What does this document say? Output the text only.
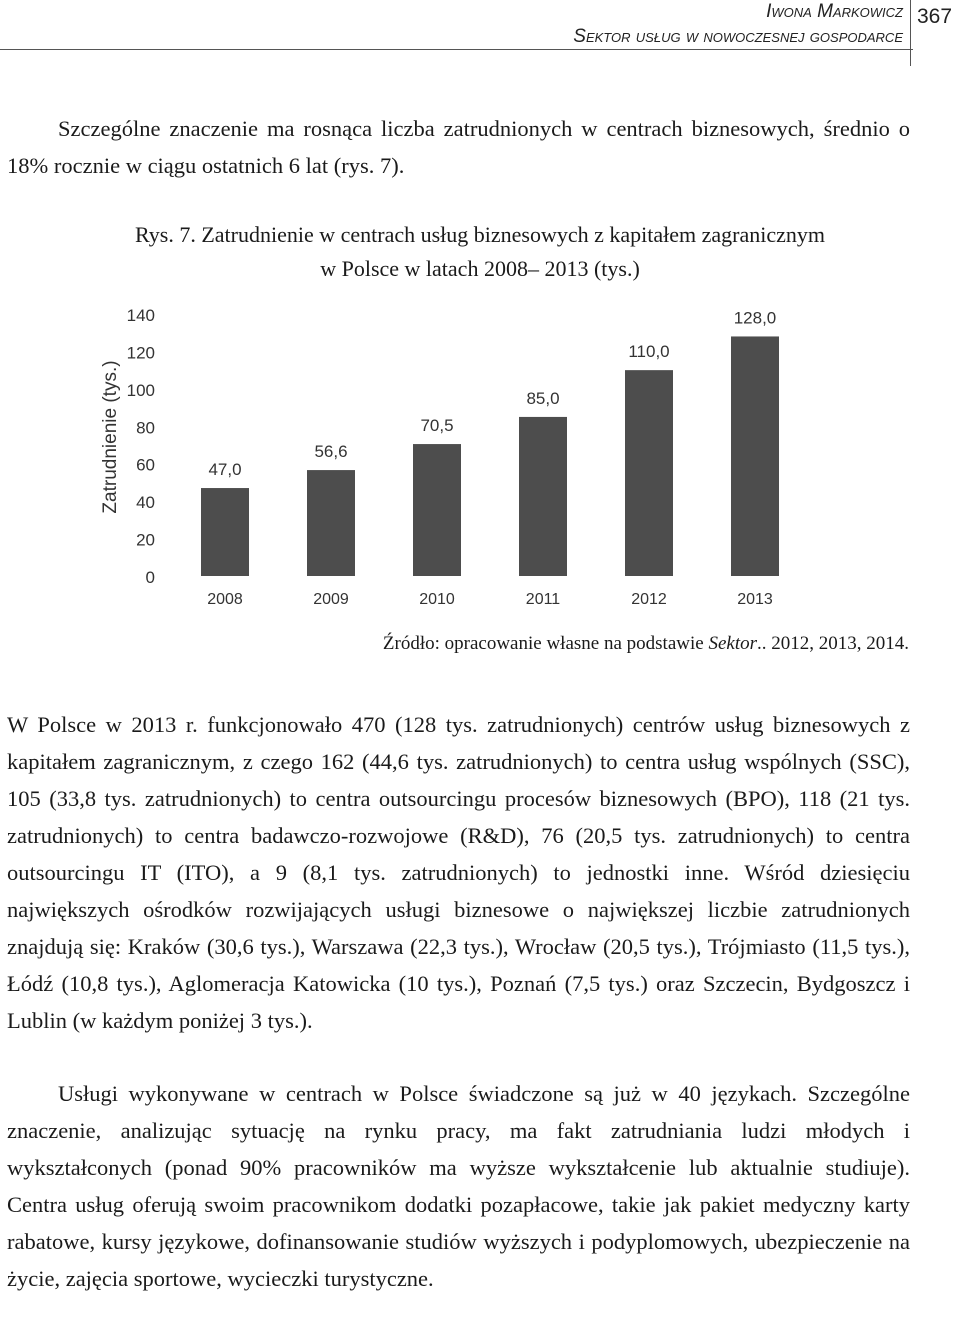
Iwona Markowicz
Sektor usług w nowoczesnej gospodarce
367

Szczególne znaczenie ma rosnąca liczba zatrudnionych w centrach biznesowych, średnio o 18% rocznie w ciągu ostatnich 6 lat (rys. 7).

Rys. 7. Zatrudnienie w centrach usług biznesowych z kapitałem zagranicznym
w Polsce w latach 2008– 2013 (tys.)
0
20
40
60
80
100
120
140
47,0
56,6
70,5
85,0
110,0
128,0
2008	2009	2010	2011	2012	2013
Zatrudnienie (tys.)
Źródło: opracowanie własne na podstawie Sektor.. 2012, 2013, 2014.

W Polsce w 2013 r. funkcjonowało 470 (128 tys. zatrudnionych) centrów usług biznesowych z kapitałem zagranicznym, z czego 162 (44,6 tys. zatrudnionych) to centra usług wspólnych (SSC), 105 (33,8 tys. zatrudnionych) to centra outsourcingu procesów biznesowych (BPO), 118 (21 tys. zatrudnionych) to centra badawczo-rozwojowe (R&D), 76 (20,5 tys. zatrudnionych) to centra outsourcingu IT (ITO), a 9 (8,1 tys. zatrudnionych) to jednostki inne. Wśród dziesięciu największych ośrodków rozwijających usługi biznesowe o największej liczbie zatrudnionych znajdują się: Kraków (30,6 tys.), Warszawa (22,3 tys.), Wrocław (20,5 tys.), Trójmiasto (11,5 tys.), Łódź (10,8 tys.), Aglomeracja Katowicka (10 tys.), Poznań (7,5 tys.) oraz Szczecin, Bydgoszcz i Lublin (w każdym poniżej 3 tys.).

Usługi wykonywane w centrach w Polsce świadczone są już w 40 językach. Szczególne znaczenie, analizując sytuację na rynku pracy, ma fakt zatrudniania ludzi młodych i wykształconych (ponad 90% pracowników ma wyższe wykształcenie lub aktualnie studiuje). Centra usług oferują swoim pracownikom dodatki pozapłacowe, takie jak pakiet medyczny karty rabatowe, kursy językowe, dofinansowanie studiów wyższych i podyplomowych, ubezpieczenie na życie, zajęcia sportowe, wycieczki turystyczne.
